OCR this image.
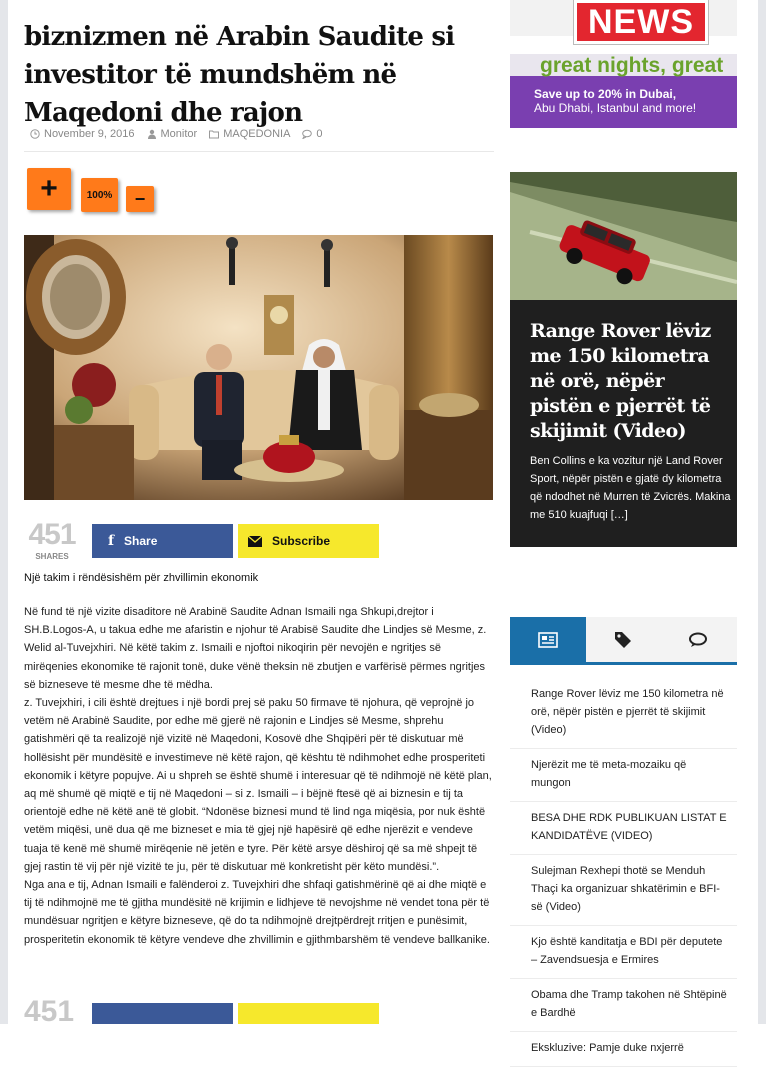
biznizmen në Arabin Saudite si investitor të mundshëm në Maqedoni dhe rajon
November 9, 2016 Monitor MAQEDONIA 0
+	100%	−
451
SHARES
f Share	Subscribe
Një takim i rëndësishëm për zhvillimin ekonomik

Në fund të një vizite disaditore në Arabinë Saudite Adnan Ismaili nga Shkupi,drejtor i SH.B.Logos-A, u takua edhe me afaristin e njohur të Arabisë Saudite dhe Lindjes së Mesme, z. Welid al-Tuvejxhiri. Në këtë takim z. Ismaili e njoftoi nikoqirin për nevojën e ngritjes së mirëqenies ekonomike të rajonit tonë, duke vënë theksin në zbutjen e varfërisë përmes ngritjes së bizneseve të mesme dhe të mëdha.

z. Tuvejxhiri, i cili është drejtues i një bordi prej së paku 50 firmave të njohura, që veprojnë jo vetëm në Arabinë Saudite, por edhe më gjerë në rajonin e Lindjes së Mesme, shprehu gatishmëri që ta realizojë një vizitë në Maqedoni, Kosovë dhe Shqipëri për të diskutuar më hollësisht për mundësitë e investimeve në këtë rajon, që kështu të ndihmohet edhe prosperiteti ekonomik i këtyre popujve. Ai u shpreh se është shumë i interesuar që të ndihmojë në këtë plan, aq më shumë që miqtë e tij në Maqedoni – si z. Ismaili – i bëjnë ftesë që ai biznesin e tij ta orientojë edhe në këtë anë të globit. “Ndonëse biznesi mund të lind nga miqësia, por nuk është vetëm miqësi, unë dua që me bizneset e mia të gjej një hapësirë që edhe njerëzit e vendeve tuaja të kenë më shumë mirëqenie në jetën e tyre. Për këtë arsye dëshiroj që sa më shpejt të gjej rastin të vij për një vizitë te ju, për të diskutuar më konkretisht për këto mundësi.”.

Nga ana e tij, Adnan Ismaili e falënderoi z. Tuvejxhiri dhe shfaqi gatishmërinë që ai dhe miqtë e tij të ndihmojnë me të gjitha mundësitë në krijimin e lidhjeve të nevojshme në vendet tona për të mundësuar ngritjen e këtyre bizneseve, që do ta ndihmojnë drejtpërdrejt rritjen e punësimit, prosperitetin ekonomik të këtyre vendeve dhe zhvillimin e gjithmbarshëm të vendeve ballkanike.

451
NEWS
great nights, great
Save up to 20% in Dubai,
Abu Dhabi, Istanbul and more!
Range Rover lëviz me 150 kilometra në orë, nëpër pistën e pjerrët të skijimit (Video)
Ben Collins e ka vozitur një Land Rover Sport, nëpër pistën e gjatë dy kilometra që ndodhet në Murren të Zvicrës. Makina me 510 kuajfuqi […]
Range Rover lëviz me 150 kilometra në orë, nëpër pistën e pjerrët të skijimit (Video)
Njerëzit me të meta-mozaiku që mungon
BESA DHE RDK PUBLIKUAN LISTAT E KANDIDATËVE (VIDEO)
Sulejman Rexhepi thotë se Menduh Thaçi ka organizuar shkatërimin e BFI-së (Video)
Kjo është kanditatja e BDI për deputete – Zavendsuesja e Ermires
Obama dhe Tramp takohen në Shtëpinë e Bardhë
Ekskluzive: Pamje duke nxjerrë
